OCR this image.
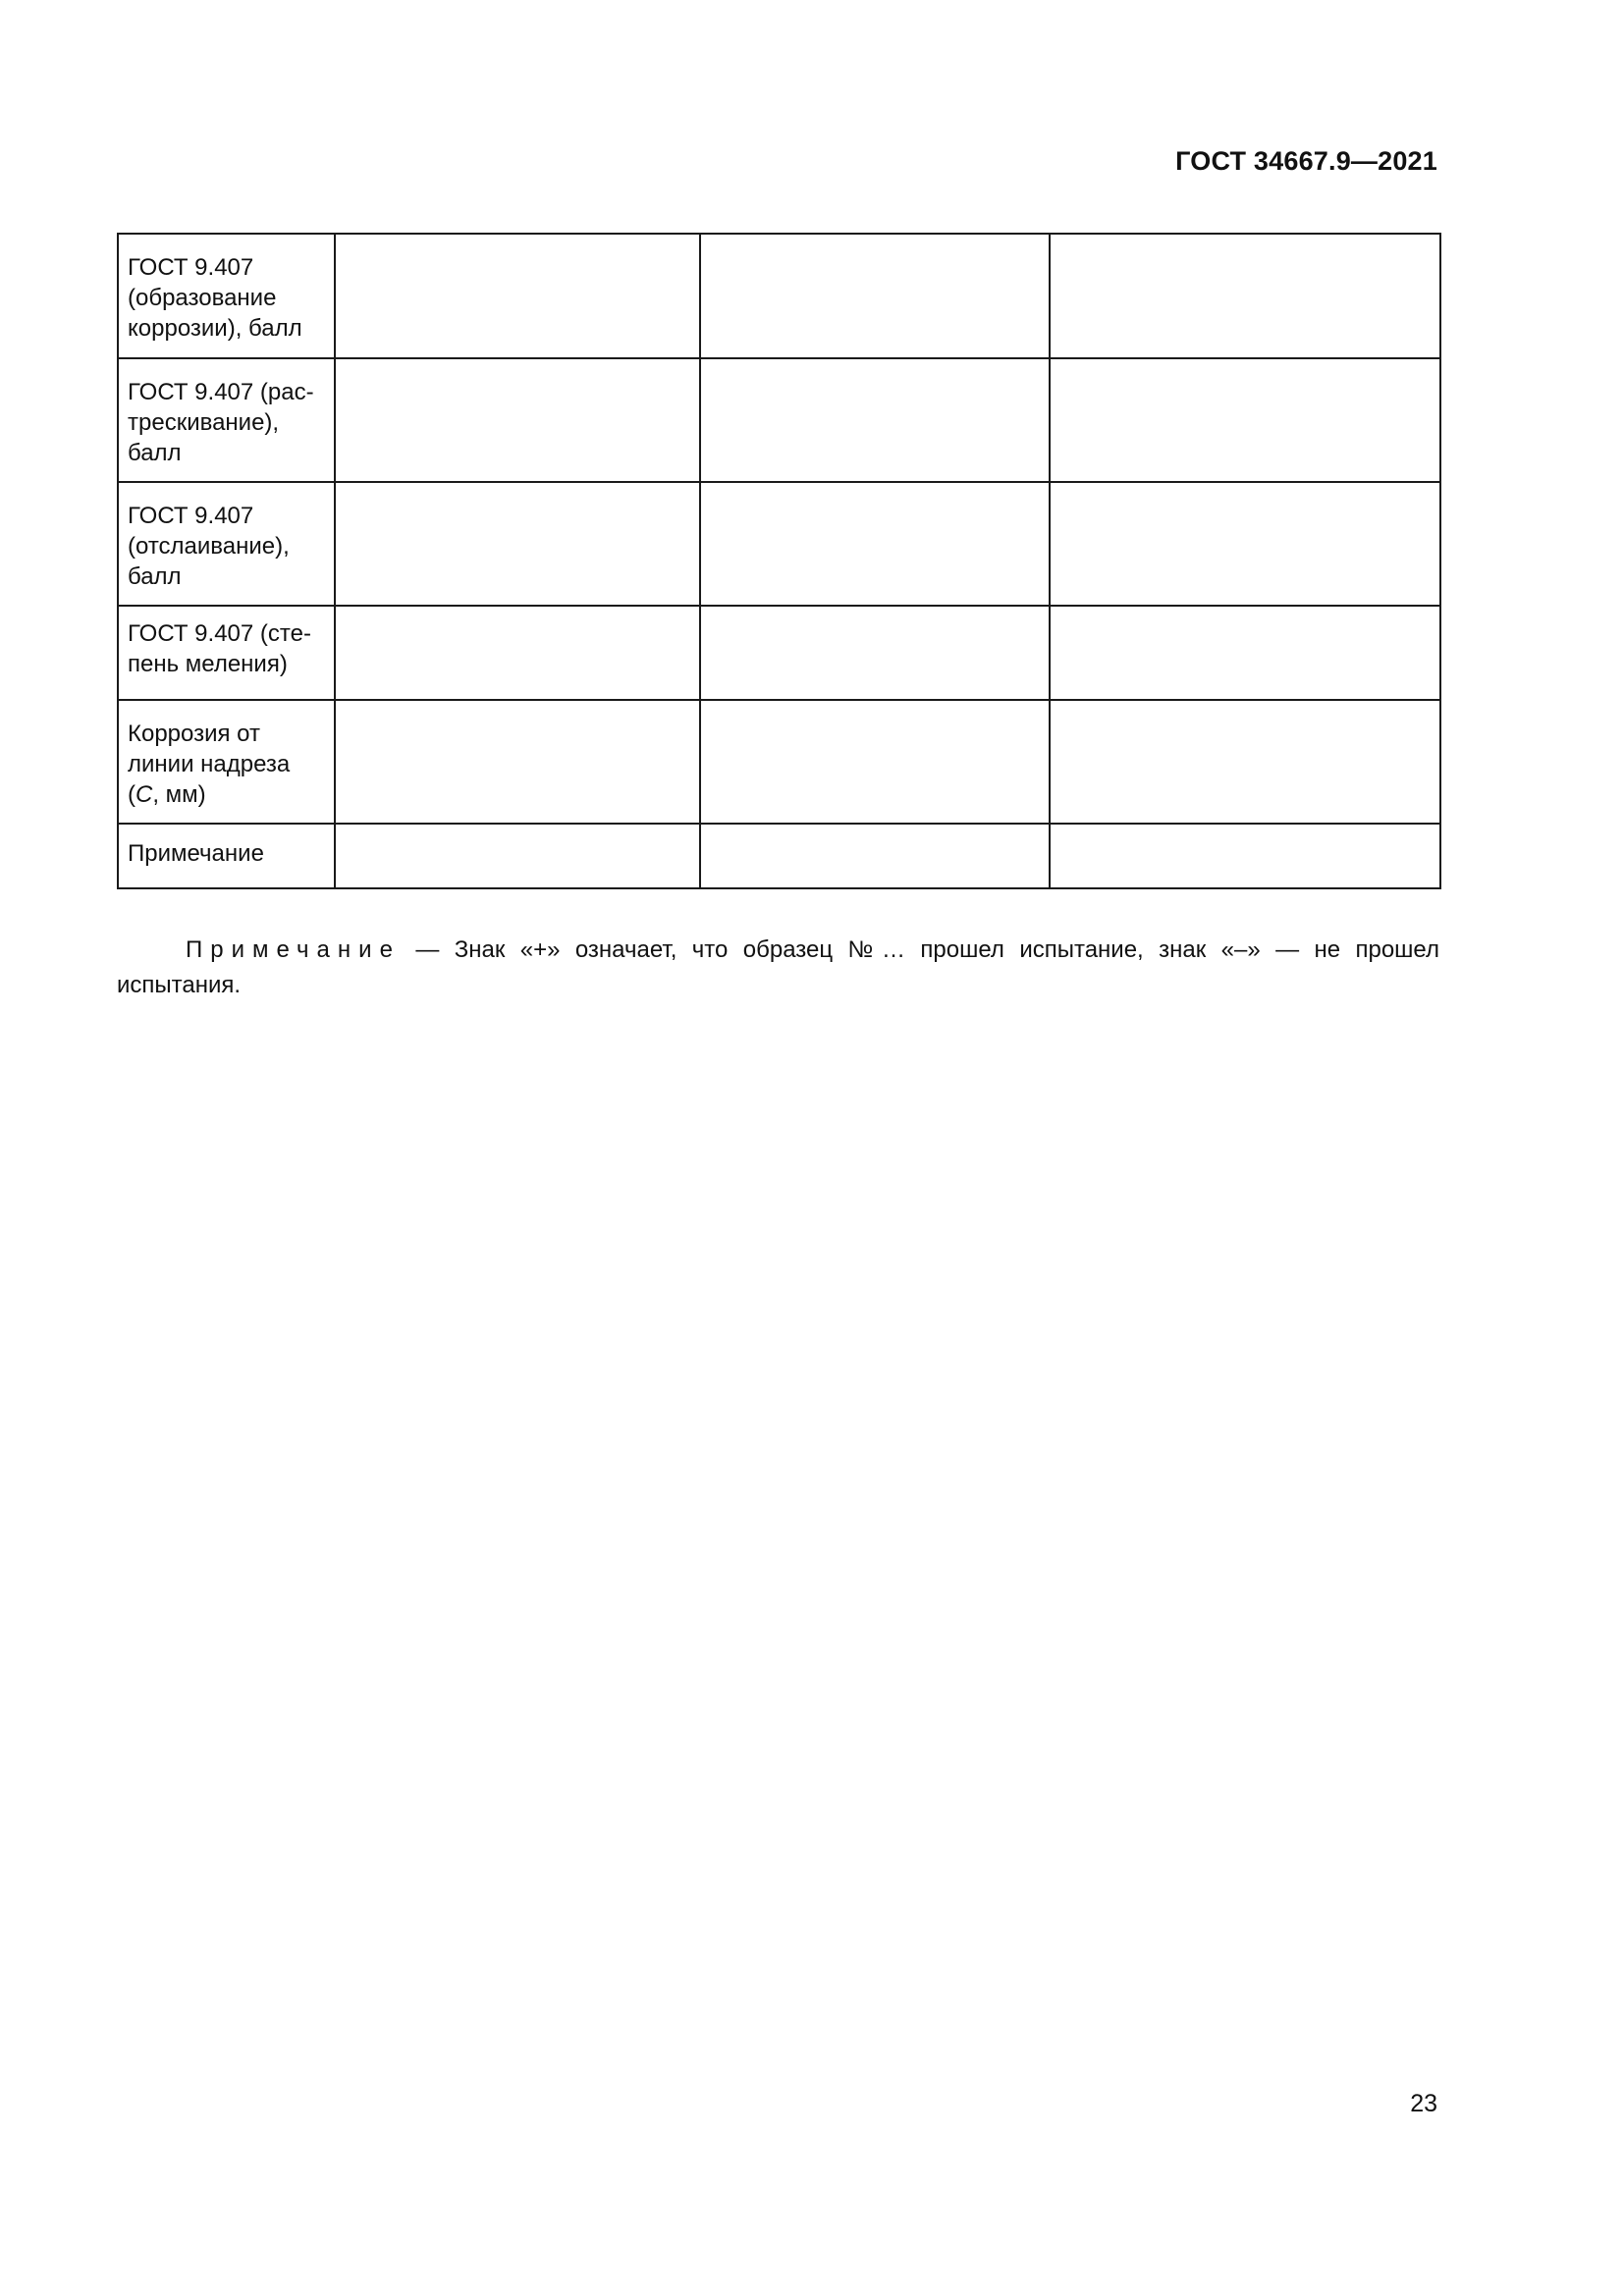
ГОСТ 34667.9—2021
ГОСТ 9.407
(образование
коррозии), балл			

ГОСТ 9.407 (рас-
трескивание),
балл			

ГОСТ 9.407
(отслаивание),
балл			

ГОСТ 9.407 (сте-
пень меления)			

Коррозия от
линии надреза
(С, мм)			

Примечание			

Примечание — Знак «+» означает, что образец №… прошел испытание, знак «–» — не прошел испытания.
23
